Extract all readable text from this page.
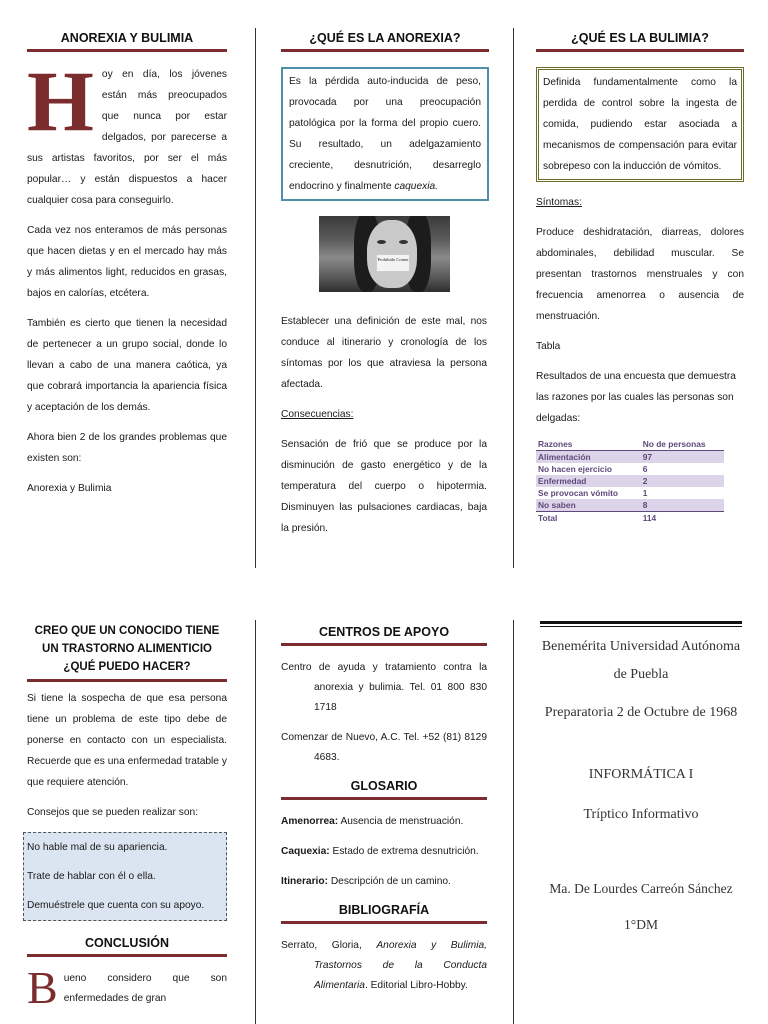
ANOREXIA Y BULIMIA

Hoy en día, los jóvenes están más preocupados que nunca por estar delgados, por parecerse a sus artistas favoritos, por ser el más popular… y están dispuestos a hacer cualquier cosa para conseguirlo.

Cada vez nos enteramos de más personas que hacen dietas y en el mercado hay más y más alimentos light, reducidos en grasas, bajos en calorías, etcétera.

También es cierto que tienen la necesidad de pertenecer a un grupo social, donde lo llevan a cabo de una manera caótica, ya que cobrará importancia la apariencia física y aceptación de los demás.

Ahora bien 2 de los grandes problemas que existen son:

Anorexia y Bulimia

¿QUÉ ES LA ANOREXIA?
Es la pérdida auto-inducida de peso, provocada por una preocupación patológica por la forma del propio cuero. Su resultado, un adelgazamiento creciente, desnutrición, desarreglo endocrino y finalmente caquexia.
Prohibido Comer

Establecer una definición de este mal, nos conduce al itinerario y cronología de los síntomas por los que atraviesa la persona afectada.

Consecuencias:

Sensación de frió que se produce por la disminución de gasto energético y de la temperatura del cuerpo o hipotermia. Disminuyen las pulsaciones cardiacas, baja la presión.

¿QUÉ ES LA BULIMIA?
Definida fundamentalmente como la perdida de control sobre la ingesta de comida, pudiendo estar asociada a mecanismos de compensación para evitar sobrepeso con la inducción de vómitos.

Síntomas:

Produce deshidratación, diarreas, dolores abdominales, debilidad muscular. Se presentan trastornos menstruales y con frecuencia amenorrea o ausencia de menstruación.

Tabla

Resultados de una encuesta que demuestra las razones por las cuales las personas son delgadas:

Razones	No de personas
Alimentación	97
No hacen ejercicio	6
Enfermedad	2
Se provocan vómito	1
No saben	8
Total	114
CREO QUE UN CONOCIDO TIENE UN TRASTORNO ALIMENTICIO ¿QUÉ PUEDO HACER?

Si tiene la sospecha de que esa persona tiene un problema de este tipo debe de ponerse en contacto con un especialista. Recuerde que es una enfermedad tratable y que requiere atención.

Consejos que se pueden realizar son:

No hable mal de su apariencia.
Trate de hablar con él o ella.
Demuéstrele que cuenta con su apoyo.
CONCLUSIÓN

Bueno considero que son enfermedades de gran

CENTROS DE APOYO

Centro de ayuda y tratamiento contra la anorexia y bulimia. Tel. 01 800 830 1718

Comenzar de Nuevo, A.C. Tel. +52 (81) 8129 4683.

GLOSARIO

Amenorrea: Ausencia de menstruación.

Caquexia: Estado de extrema desnutrición.

Itinerario: Descripción de un camino.

BIBLIOGRAFÍA

Serrato, Gloria, Anorexia y Bulimia, Trastornos de la Conducta Alimentaria. Editorial Libro-Hobby.

Benemérita Universidad Autónoma de Puebla
Preparatoria 2 de Octubre de 1968
INFORMÁTICA I
Tríptico Informativo
Ma. De Lourdes Carreón Sánchez
1°DM
